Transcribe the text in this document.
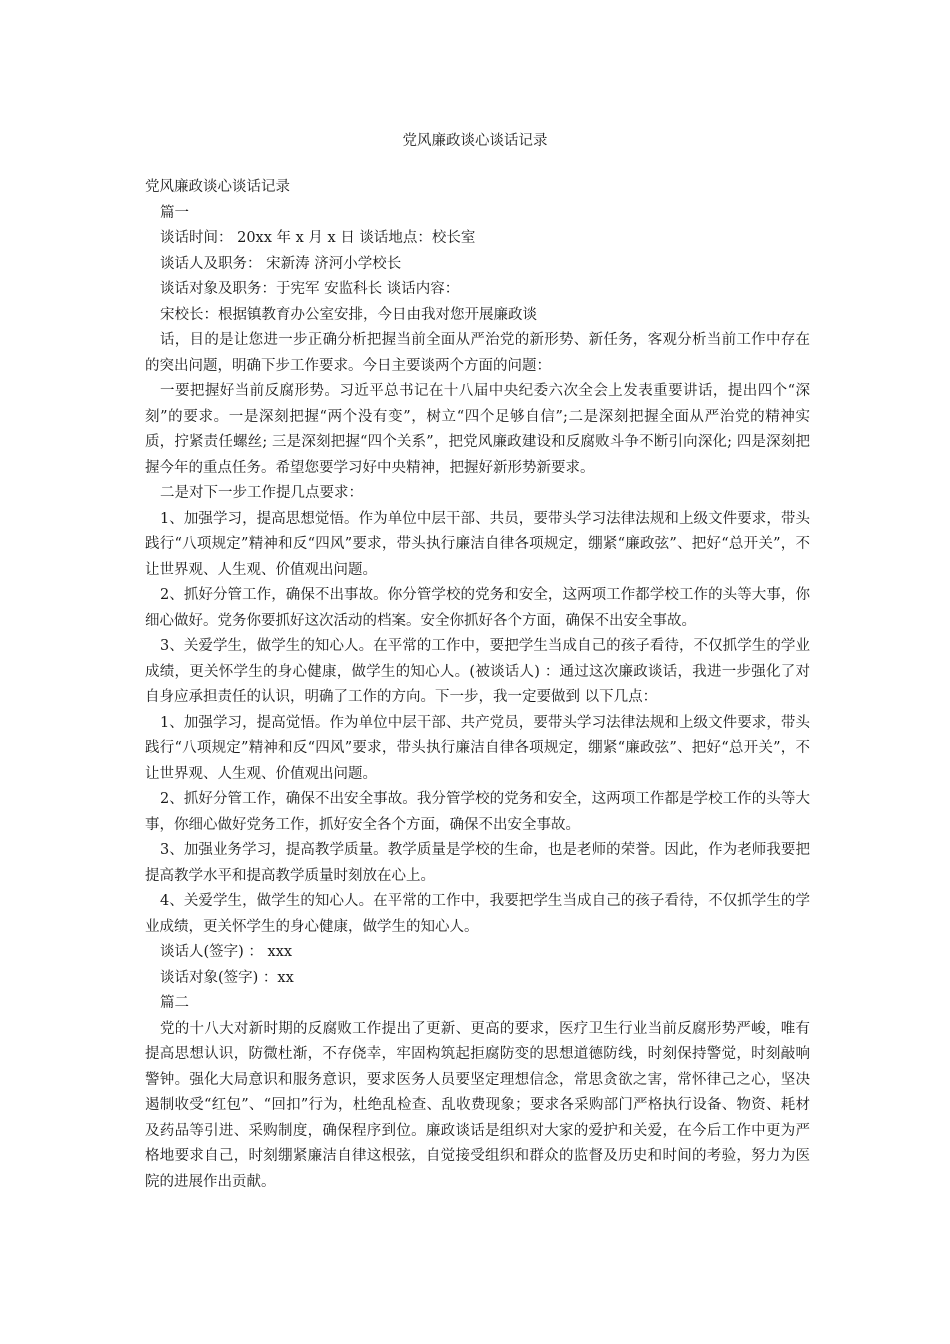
党风廉政谈心谈话记录

党风廉政谈心谈话记录

篇一

谈话时间： 20xx 年 x 月 x 日 谈话地点：校长室

谈话人及职务： 宋新涛 济河小学校长

谈话对象及职务：于宪军 安监科长 谈话内容：

宋校长：根据镇教育办公室安排，今日由我对您开展廉政谈

话，目的是让您进一步正确分析把握当前全面从严治党的新形势、新任务，客观分析当前工作中存在的突出问题，明确下步工作要求。今日主要谈两个方面的问题：

一要把握好当前反腐形势。习近平总书记在十八届中央纪委六次全会上发表重要讲话，提出四个“深刻”的要求。一是深刻把握“两个没有变”，树立“四个足够自信”;二是深刻把握全面从严治党的精神实质，拧紧责任螺丝; 三是深刻把握“四个关系”，把党风廉政建设和反腐败斗争不断引向深化; 四是深刻把握今年的重点任务。希望您要学习好中央精神，把握好新形势新要求。

二是对下一步工作提几点要求：

1、加强学习，提高思想觉悟。作为单位中层干部、共员，要带头学习法律法规和上级文件要求，带头践行“八项规定”精神和反“四风”要求，带头执行廉洁自律各项规定，绷紧“廉政弦”、把好“总开关”，不让世界观、人生观、价值观出问题。

2、抓好分管工作，确保不出事故。你分管学校的党务和安全，这两项工作都学校工作的头等大事，你细心做好。党务你要抓好这次活动的档案。安全你抓好各个方面，确保不出安全事故。

3、关爱学生，做学生的知心人。在平常的工作中，要把学生当成自己的孩子看待，不仅抓学生的学业成绩，更关怀学生的身心健康，做学生的知心人。(被谈话人) ：通过这次廉政谈话，我进一步强化了对自身应承担责任的认识，明确了工作的方向。下一步，我一定要做到 以下几点：

1、加强学习，提高觉悟。作为单位中层干部、共产党员，要带头学习法律法规和上级文件要求，带头践行“八项规定”精神和反“四风”要求，带头执行廉洁自律各项规定，绷紧“廉政弦”、把好“总开关”，不让世界观、人生观、价值观出问题。

2、抓好分管工作，确保不出安全事故。我分管学校的党务和安全，这两项工作都是学校工作的头等大事，你细心做好党务工作，抓好安全各个方面，确保不出安全事故。

3、加强业务学习，提高教学质量。教学质量是学校的生命，也是老师的荣誉。因此，作为老师我要把提高教学水平和提高教学质量时刻放在心上。

4、关爱学生，做学生的知心人。在平常的工作中，我要把学生当成自己的孩子看待，不仅抓学生的学业成绩，更关怀学生的身心健康，做学生的知心人。

谈话人(签字) ： xxx

谈话对象(签字) ：xx

篇二

党的十八大对新时期的反腐败工作提出了更新、更高的要求，医疗卫生行业当前反腐形势严峻，唯有提高思想认识，防微杜渐，不存侥幸，牢固构筑起拒腐防变的思想道德防线，时刻保持警觉，时刻敲响警钟。强化大局意识和服务意识，要求医务人员要坚定理想信念，常思贪欲之害，常怀律己之心，坚决遏制收受“红包”、“回扣”行为，杜绝乱检查、乱收费现象；要求各采购部门严格执行设备、物资、耗材及药品等引进、采购制度，确保程序到位。廉政谈话是组织对大家的爱护和关爱，在今后工作中更为严格地要求自己，时刻绷紧廉洁自律这根弦，自觉接受组织和群众的监督及历史和时间的考验，努力为医院的进展作出贡献。
